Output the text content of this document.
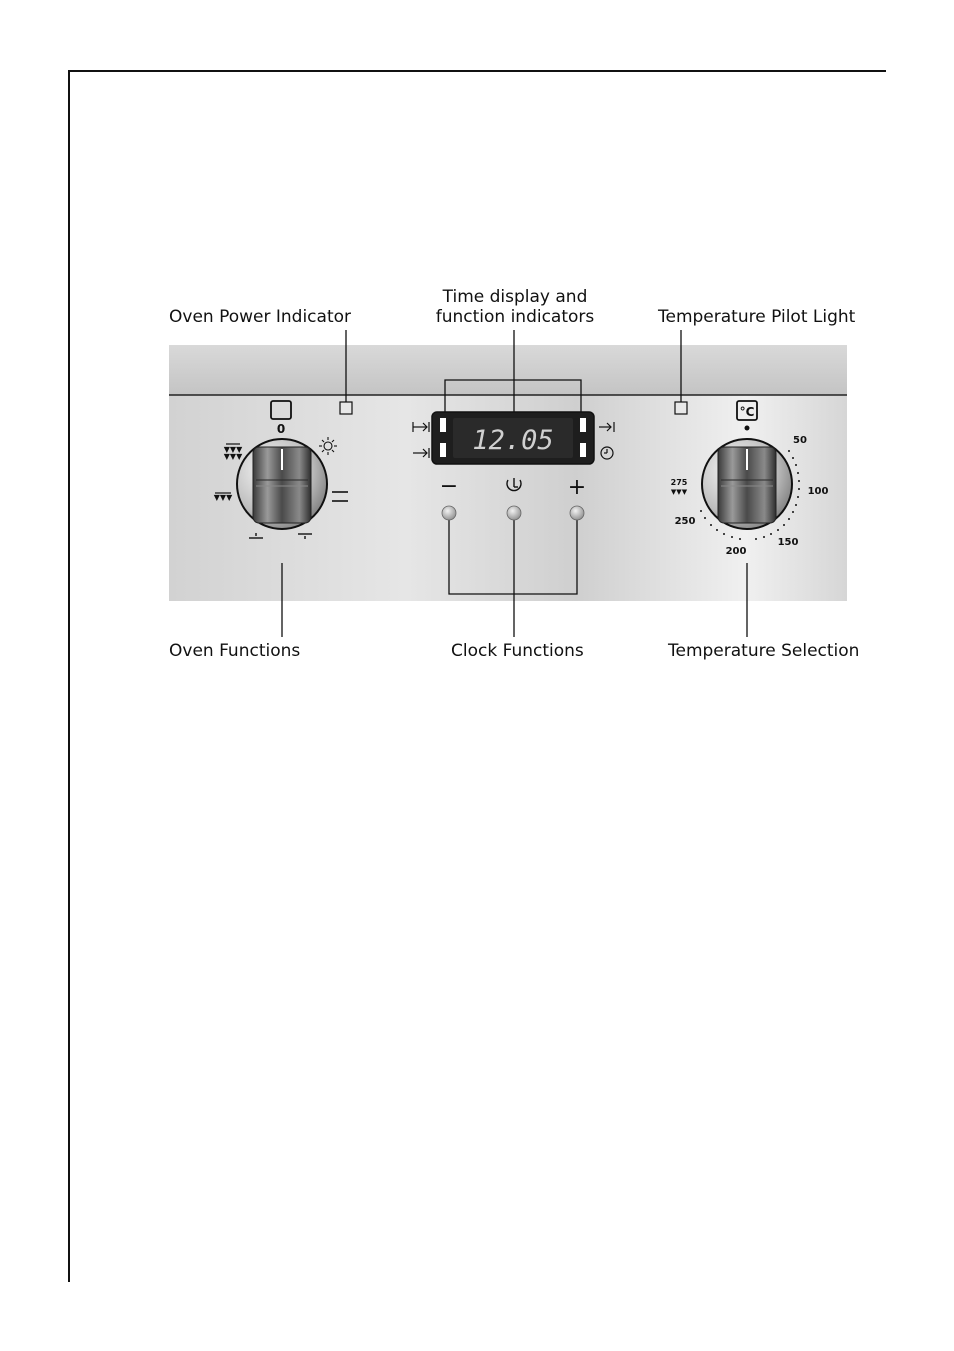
Oven Power Indicator
Time display and
function indicators	Temperature Pilot Light
Oven Functions	Clock Functions	Temperature Selection
0
▼▼▼
▼▼▼
▼▼▼
12.05
−	+
°C
50
100
150
200
250
275
▼▼▼
